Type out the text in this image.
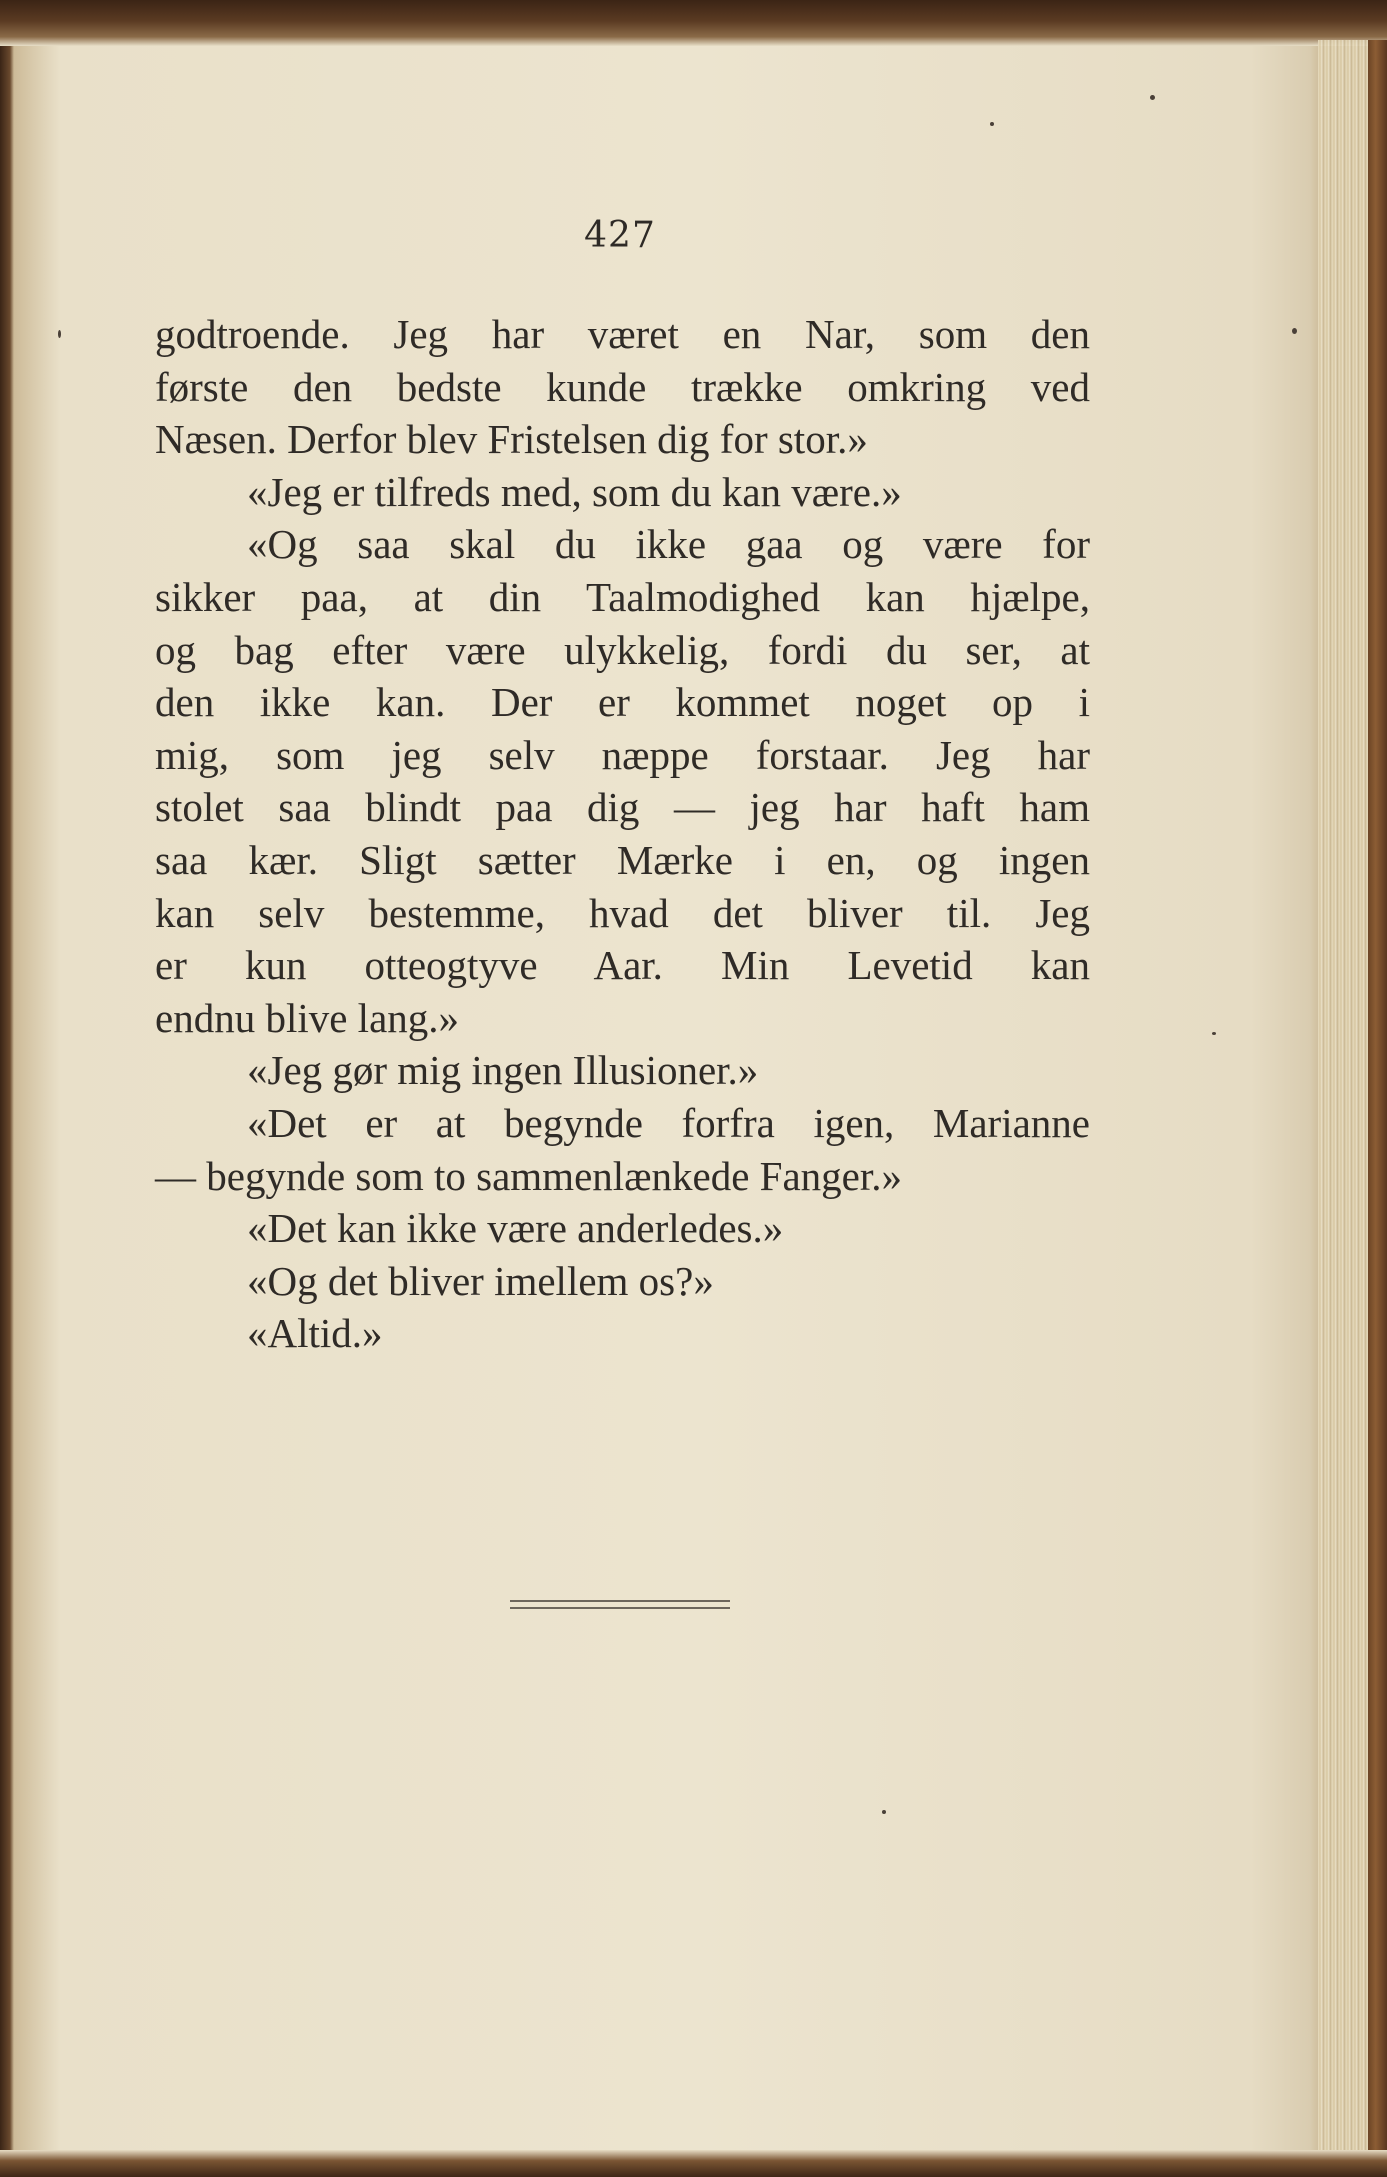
427
godtroende. Jeg har været en Nar, som den
første den bedste kunde trække omkring ved
Næsen. Derfor blev Fristelsen dig for stor.»
«Jeg er tilfreds med, som du kan være.»
«Og saa skal du ikke gaa og være for
sikker paa, at din Taalmodighed kan hjælpe,
og bag efter være ulykkelig, fordi du ser, at
den ikke kan. Der er kommet noget op i
mig, som jeg selv næppe forstaar. Jeg har
stolet saa blindt paa dig — jeg har haft ham
saa kær. Sligt sætter Mærke i en, og ingen
kan selv bestemme, hvad det bliver til. Jeg
er kun otteogtyve Aar. Min Levetid kan
endnu blive lang.»
«Jeg gør mig ingen Illusioner.»
«Det er at begynde forfra igen, Marianne
— begynde som to sammenlænkede Fanger.»
«Det kan ikke være anderledes.»
«Og det bliver imellem os?»
«Altid.»
